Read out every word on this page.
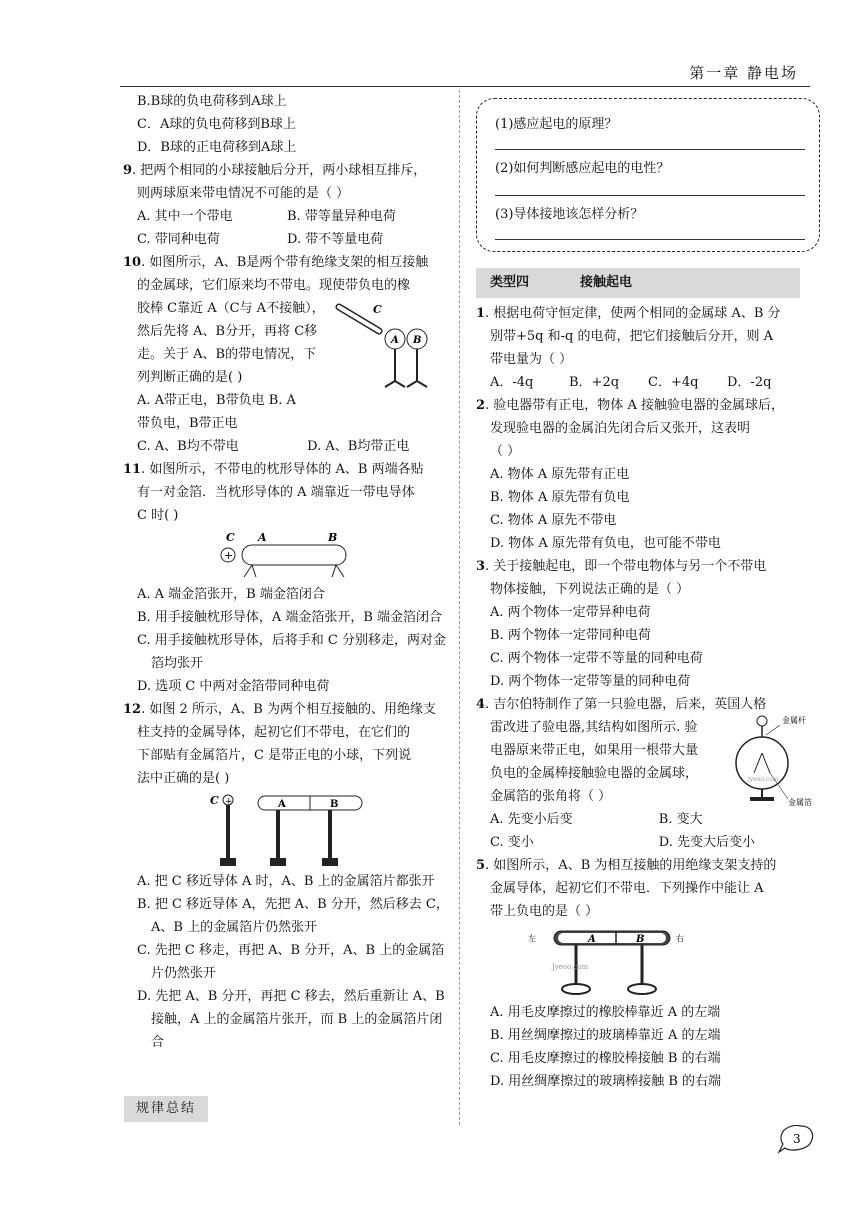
第一章 静电场
B.B球的负电荷移到A球上
C．A球的负电荷移到B球上
D．B球的正电荷移到A球上
9. 把两个相同的小球接触后分开，两小球相互排斥，
则两球原来带电情况不可能的是（ ）
A. 其中一个带电	B. 带等量异种电荷
C. 带同种电荷	D. 带不等量电荷
10. 如图所示，A、B是两个带有绝缘支架的相互接触
的金属球，它们原来均不带电。现使带负电的橡
C
A B
胶棒 C靠近 A（C与 A不接触），
然后先将 A、B分开，再将 C移
走。关于 A、B的带电情况，下
列判断正确的是( )
A. A带正电，B带负电 B. A
带负电，B带正电
C. A、B均不带电	D. A、B均带正电
11. 如图所示，不带电的枕形导体的 A、B 两端各贴
有一对金箔．当枕形导体的 A 端靠近一带电导体
C 时( )
C A	B
+
A. A 端金箔张开，B 端金箔闭合
B. 用手接触枕形导体，A 端金箔张开，B 端金箔闭合
C. 用手接触枕形导体，后将手和 C 分别移走，两对金箔均张开
D. 选项 C 中两对金箔带同种电荷
12. 如图 2 所示，A、B 为两个相互接触的、用绝缘支
柱支持的金属导体，起初它们不带电，在它们的
下部贴有金属箔片，C 是带正电的小球，下列说
法中正确的是( )
C +	A	B
A. 把 C 移近导体 A 时，A、B 上的金属箔片都张开
B. 把 C 移近导体 A，先把 A、B 分开，然后移去 C，A、B 上的金属箔片仍然张开
C. 先把 C 移走，再把 A、B 分开，A、B 上的金属箔片仍然张开
D. 先把 A、B 分开，再把 C 移去，然后重新让 A、B 接触，A 上的金属箔片张开，而 B 上的金属箔片闭合
规律总结
(1)感应起电的原理？
(2)如何判断感应起电的电性？
(3)导体接地该怎样分析？
类型四	接触起电
1. 根据电荷守恒定律，使两个相同的金属球 A、B 分
别带+5q 和-q 的电荷，把它们接触后分开，则 A
带电量为（ ）
A．-4q	B．+2q	C．+4q	D．-2q
2. 验电器带有正电，物体 A 接触验电器的金属球后，
发现验电器的金属泊先闭合后又张开，这表明
（ ）
A. 物体 A 原先带有正电
B. 物体 A 原先带有负电
C. 物体 A 原先不带电
D. 物体 A 原先带有负电，也可能不带电
3. 关于接触起电，即一个带电物体与另一个不带电
物体接触，下列说法正确的是（ ）
A. 两个物体一定带异种电荷
B. 两个物体一定带同种电荷
C. 两个物体一定带不等量的同种电荷
D. 两个物体一定带等量的同种电荷
4. 吉尔伯特制作了第一只验电器，后来，英国人格
金属杆
金属箔
jyeoo.com
雷改进了验电器,其结构如图所示. 验
电器原来带正电，如果用一根带大量
负电的金属棒接触验电器的金属球，
金属箔的张角将（ ）
A. 先变小后变	B. 变大
C. 变小	D. 先变大后变小
5. 如图所示，A、B 为相互接触的用绝缘支架支持的
金属导体，起初它们不带电．下列操作中能让 A
带上负电的是（ ）
左	右
A	B
Jyeoo.com
A. 用毛皮摩擦过的橡胶棒靠近 A 的左端
B. 用丝绸摩擦过的玻璃棒靠近 A 的左端
C. 用毛皮摩擦过的橡胶棒接触 B 的右端
D. 用丝绸摩擦过的玻璃棒接触 B 的右端
3
